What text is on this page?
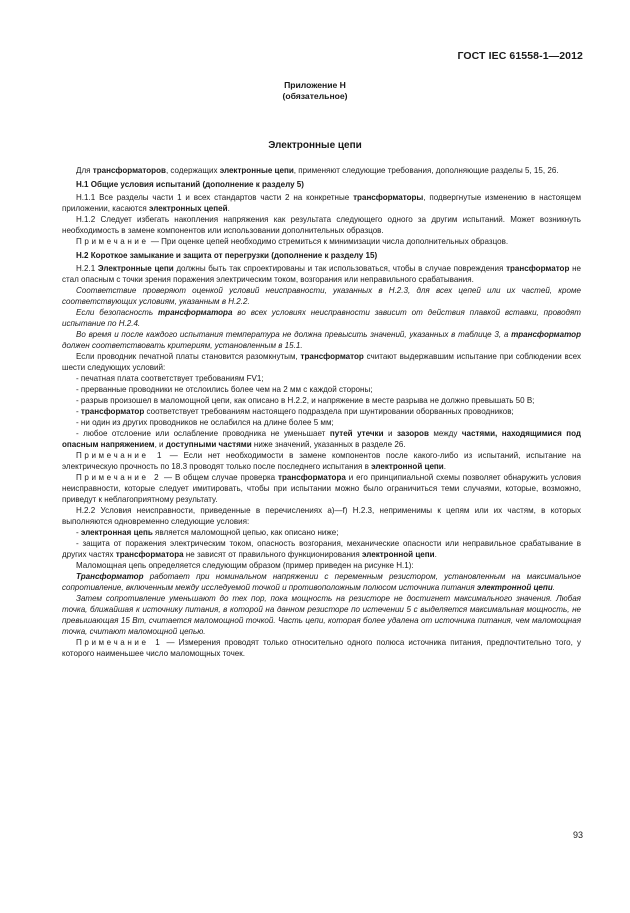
ГОСТ IEC 61558-1—2012
Приложение Н
(обязательное)
Электронные цепи

Для трансформаторов, содержащих электронные цепи, применяют следующие требования, дополняющие разделы 5, 15, 26.

Н.1 Общие условия испытаний (дополнение к разделу 5)

Н.1.1 Все разделы части 1 и всех стандартов части 2 на конкретные трансформаторы, подвергнутые изменению в настоящем приложении, касаются электронных цепей.

Н.1.2 Следует избегать накопления напряжения как результата следующего одного за другим испытаний. Может возникнуть необходимость в замене компонентов или использовании дополнительных образцов.

Примечание — При оценке цепей необходимо стремиться к минимизации числа дополнительных образцов.

Н.2 Короткое замыкание и защита от перегрузки (дополнение к разделу 15)

Н.2.1 Электронные цепи должны быть так спроектированы и так использоваться, чтобы в случае повреждения трансформатор не стал опасным с точки зрения поражения электрическим током, возгорания или неправильного срабатывания.

Соответствие проверяют оценкой условий неисправности, указанных в Н.2.3, для всех цепей или их частей, кроме соответствующих условиям, указанным в Н.2.2.

Если безопасность трансформатора во всех условиях неисправности зависит от действия плавкой вставки, проводят испытание по Н.2.4.

Во время и после каждого испытания температура не должна превысить значений, указанных в таблице 3, а трансформатор должен соответствовать критериям, установленным в 15.1.

Если проводник печатной платы становится разомкнутым, трансформатор считают выдержавшим испытание при соблюдении всех шести следующих условий:

- печатная плата соответствует требованиям FV1;

- прерванные проводники не отслоились более чем на 2 мм с каждой стороны;

- разрыв произошел в маломощной цепи, как описано в Н.2.2, и напряжение в месте разрыва не должно превышать 50 В;

- трансформатор соответствует требованиям настоящего подраздела при шунтировании оборванных проводников;

- ни один из других проводников не ослабился на длине более 5 мм;

- любое отслоение или ослабление проводника не уменьшает путей утечки и зазоров между частями, находящимися под опасным напряжением, и доступными частями ниже значений, указанных в разделе 26.

Примечание 1 — Если нет необходимости в замене компонентов после какого-либо из испытаний, испытание на электрическую прочность по 18.3 проводят только после последнего испытания в электронной цепи.

Примечание 2 — В общем случае проверка трансформатора и его принципиальной схемы позволяет обнаружить условия неисправности, которые следует имитировать, чтобы при испытании можно было ограничиться теми случаями, которые, возможно, приведут к неблагоприятному результату.

Н.2.2 Условия неисправности, приведенные в перечислениях а)—f) Н.2.3, неприменимы к цепям или их частям, в которых выполняются одновременно следующие условия:

- электронная цепь является маломощной цепью, как описано ниже;

- защита от поражения электрическим током, опасность возгорания, механические опасности или неправильное срабатывание в других частях трансформатора не зависят от правильного функционирования электронной цепи.

Маломощная цепь определяется следующим образом (пример приведен на рисунке Н.1):

Трансформатор работает при номинальном напряжении с переменным резистором, установленным на максимальное сопротивление, включенным между исследуемой точкой и противоположным полюсом источника питания электронной цепи.

Затем сопротивление уменьшают до тех пор, пока мощность на резисторе не достигнет максимального значения. Любая точка, ближайшая к источнику питания, в которой на данном резисторе по истечении 5 с выделяется максимальная мощность, не превышающая 15 Вт, считается маломощной точкой. Часть цепи, которая более удалена от источника питания, чем маломощная точка, считают маломощной цепью.

Примечание 1 — Измерения проводят только относительно одного полюса источника питания, предпочтительно того, у которого наименьшее число маломощных точек.

93
